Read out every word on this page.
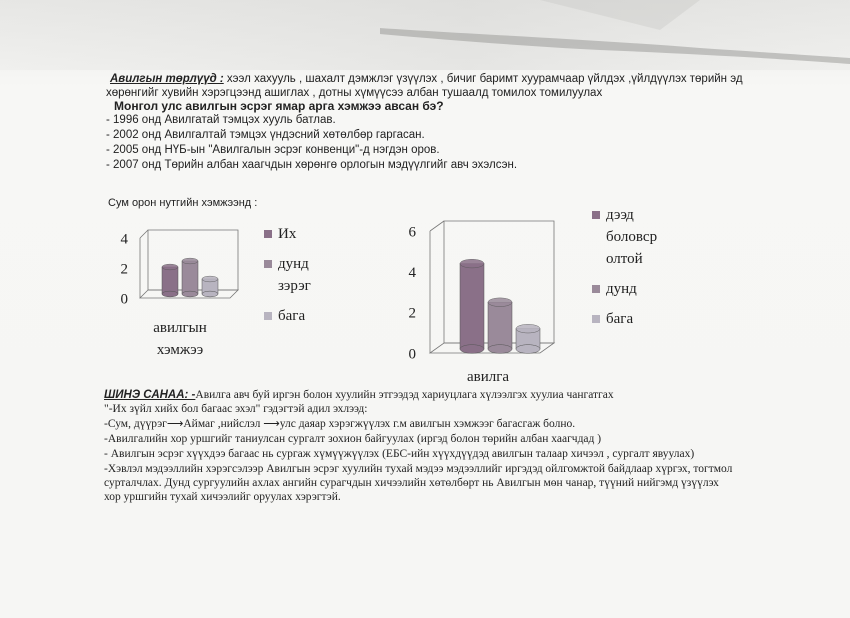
Авилгын төрлүүд : хээл хахууль , шахалт дэмжлэг үзүүлэх , бичиг баримт хуурамчаар үйлдэх ,үйлдүүлэх төрийн эд
хөрөнгийг хувийн хэрэгцээнд ашиглах , дотны хүмүүсээ албан тушаалд томилох томилуулах
Монгол улс авилгын эсрэг ямар арга хэмжээ авсан бэ?
- 1996 онд Авилгатай тэмцэх хууль батлав.
- 2002 онд Авилгалтай тэмцэх үндэсний хөтөлбөр гаргасан.
- 2005 онд НҮБ-ын "Авилгалын эсрэг конвенци"-д нэгдэн оров.
- 2007 онд Төрийн албан хаагчдын хөрөнгө орлогын мэдүүлгийг авч эхэлсэн.
Сум орон нутгийн хэмжээнд :
0
2
4
авилгын
хэмжээ
Их
дунд
зэрэг
бага
0
2
4
6
авилга
дээд
боловср
олтой
дунд
бага
ШИНЭ САНАА: -Авилга авч буй иргэн болон хуулийн этгээдэд хариуцлага хүлээлгэх хуулиа чангатгах
"-Их зүйл хийх бол багаас эхэл" гэдэгтэй адил эхлээд:
-Сум, дүүрэг⟶Аймаг ,нийслэл ⟶улс даяар хэрэгжүүлэх г.м авилгын хэмжээг багасгаж болно.
-Авилгалийн хор уршгийг таниулсан сургалт зохион байгуулах (иргэд болон төрийн албан хаагчдад )
- Авилгын эсрэг хүүхдээ багаас нь сургаж хүмүүжүүлэх (ЕБС-ийн хүүхдүүдэд авилгын талаар хичээл , сургалт явуулах)
-Хэвлэл мэдээллийн хэрэгсэлээр Авилгын эсрэг хуулийн тухай мэдээ мэдээллийг иргэдэд ойлгомжтой байдлаар хүргэх, тогтмол
сурталчлах. Дунд сургуулийн ахлах ангийн сурагчдын хичээлийн хөтөлбөрт нь Авилгын мөн чанар, түүний нийгэмд үзүүлэх
хор уршгийн тухай хичээлийг оруулах хэрэгтэй.
